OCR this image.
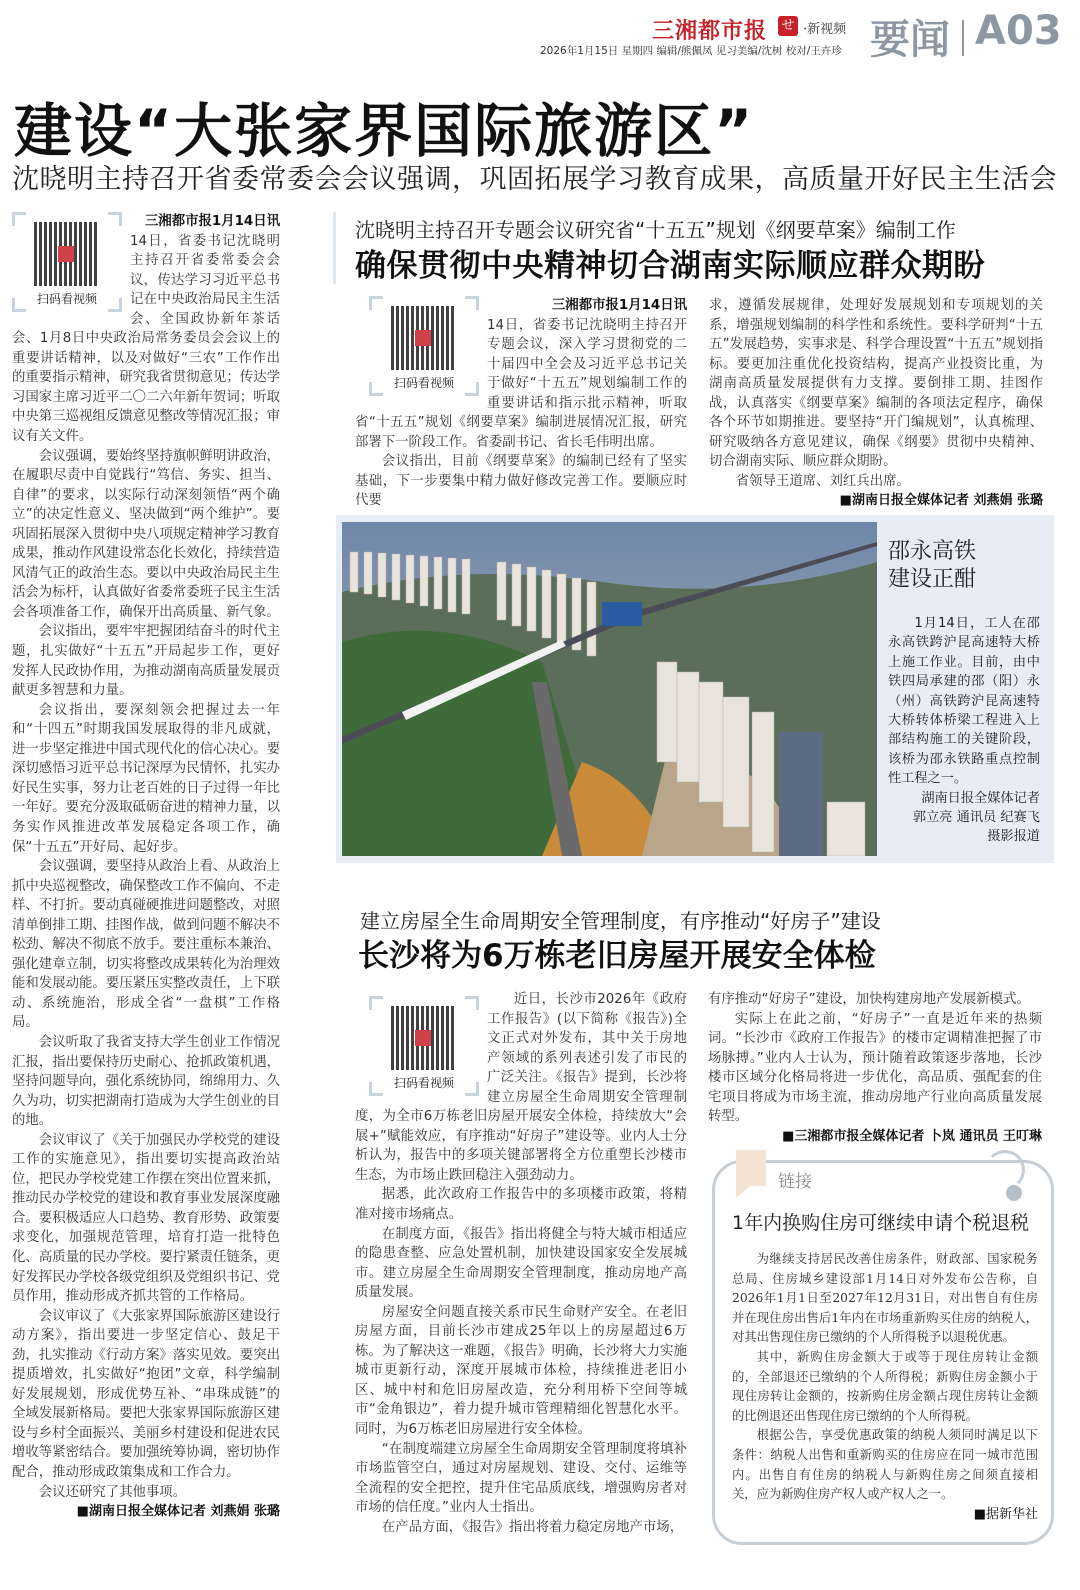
三湘都市报 せ ·新视频
2026年1月15日 星期四 编辑/熊佩凤 见习美编/沈树 校对/王卉珍 要闻 A03
建设“大张家界国际旅游区”
沈晓明主持召开省委常委会会议强调，巩固拓展学习教育成果，高质量开好民主生活会
扫码看视频

三湘都市报1月14日讯

14日，省委书记沈晓明主持召开省委常委会会议，传达学习习近平总书记在中央政治局民主生活会、全国政协新年茶话会、1月8日中央政治局常务委员会会议上的重要讲话精神，以及对做好“三农”工作作出的重要指示精神，研究我省贯彻意见；传达学习国家主席习近平二〇二六年新年贺词；听取中央第三巡视组反馈意见整改等情况汇报；审议有关文件。

会议强调，要始终坚持旗帜鲜明讲政治，在履职尽责中自觉践行“笃信、务实、担当、自律”的要求，以实际行动深刻领悟“两个确立”的决定性意义、坚决做到“两个维护”。要巩固拓展深入贯彻中央八项规定精神学习教育成果，推动作风建设常态化长效化，持续营造风清气正的政治生态。要以中央政治局民主生活会为标杆，认真做好省委常委班子民主生活会各项准备工作，确保开出高质量、新气象。

会议指出，要牢牢把握团结奋斗的时代主题，扎实做好“十五五”开局起步工作，更好发挥人民政协作用，为推动湖南高质量发展贡献更多智慧和力量。

会议指出，要深刻领会把握过去一年和“十四五”时期我国发展取得的非凡成就，进一步坚定推进中国式现代化的信心决心。要深切感悟习近平总书记深厚为民情怀，扎实办好民生实事，努力让老百姓的日子过得一年比一年好。要充分汲取砥砺奋进的精神力量，以务实作风推进改革发展稳定各项工作，确保“十五五”开好局、起好步。

会议强调，要坚持从政治上看、从政治上抓中央巡视整改，确保整改工作不偏向、不走样、不打折。要动真碰硬推进问题整改，对照清单倒排工期、挂图作战，做到问题不解决不松劲、解决不彻底不放手。要注重标本兼治、强化建章立制，切实将整改成果转化为治理效能和发展动能。要压紧压实整改责任，上下联动、系统施治，形成全省“一盘棋”工作格局。

会议听取了我省支持大学生创业工作情况汇报，指出要保持历史耐心、抢抓政策机遇，坚持问题导向，强化系统协同，绵绵用力、久久为功，切实把湖南打造成为大学生创业的目的地。

会议审议了《关于加强民办学校党的建设工作的实施意见》，指出要切实提高政治站位，把民办学校党建工作摆在突出位置来抓，推动民办学校党的建设和教育事业发展深度融合。要积极适应人口趋势、教育形势、政策要求变化，加强规范管理，培育打造一批特色化、高质量的民办学校。要拧紧责任链条，更好发挥民办学校各级党组织及党组织书记、党员作用，推动形成齐抓共管的工作格局。

会议审议了《大张家界国际旅游区建设行动方案》，指出要进一步坚定信心、鼓足干劲，扎实推动《行动方案》落实见效。要突出提质增效，扎实做好“抱团”文章，科学编制好发展规划，形成优势互补、“串珠成链”的全域发展新格局。要把大张家界国际旅游区建设与乡村全面振兴、美丽乡村建设和促进农民增收等紧密结合。要加强统筹协调，密切协作配合，推动形成政策集成和工作合力。

会议还研究了其他事项。

■湖南日报全媒体记者 刘燕娟 张璐
沈晓明主持召开专题会议研究省“十五五”规划《纲要草案》编制工作
确保贯彻中央精神切合湖南实际顺应群众期盼
扫码看视频

三湘都市报1月14日讯

14日，省委书记沈晓明主持召开专题会议，深入学习贯彻党的二十届四中全会及习近平总书记关于做好“十五五”规划编制工作的重要讲话和指示批示精神，听取省“十五五”规划《纲要草案》编制进展情况汇报，研究部署下一阶段工作。省委副书记、省长毛伟明出席。

会议指出，目前《纲要草案》的编制已经有了坚实基础，下一步要集中精力做好修改完善工作。要顺应时代要

求，遵循发展规律，处理好发展规划和专项规划的关系，增强规划编制的科学性和系统性。要科学研判“十五五”发展趋势，实事求是、科学合理设置“十五五”规划指标。要更加注重优化投资结构，提高产业投资比重，为湖南高质量发展提供有力支撑。要倒排工期、挂图作战，认真落实《纲要草案》编制的各项法定程序，确保各个环节如期推进。要坚持“开门编规划”，认真梳理、研究吸纳各方意见建议，确保《纲要》贯彻中央精神、切合湖南实际、顺应群众期盼。

省领导王道席、刘红兵出席。

■湖南日报全媒体记者 刘燕娟 张璐
邵永高铁
建设正酣

1月14日，工人在邵永高铁跨沪昆高速特大桥上施工作业。目前，由中铁四局承建的邵（阳）永（州）高铁跨沪昆高速特大桥转体桥梁工程进入上部结构施工的关键阶段，该桥为邵永铁路重点控制性工程之一。

湖南日报全媒体记者
郭立亮 通讯员 纪赛飞
摄影报道
建立房屋全生命周期安全管理制度，有序推动“好房子”建设
长沙将为6万栋老旧房屋开展安全体检
扫码看视频

近日，长沙市2026年《政府工作报告》(以下简称《报告》)全文正式对外发布，其中关于房地产领域的系列表述引发了市民的广泛关注。《报告》提到，长沙将建立房屋全生命周期安全管理制度，为全市6万栋老旧房屋开展安全体检，持续放大“会展+”赋能效应，有序推动“好房子”建设等。业内人士分析认为，报告中的多项关键部署将全方位重塑长沙楼市生态，为市场止跌回稳注入强劲动力。

据悉，此次政府工作报告中的多项楼市政策，将精准对接市场痛点。

在制度方面，《报告》指出将健全与特大城市相适应的隐患查整、应急处置机制，加快建设国家安全发展城市。建立房屋全生命周期安全管理制度，推动房地产高质量发展。

房屋安全问题直接关系市民生命财产安全。在老旧房屋方面，目前长沙市建成25年以上的房屋超过6万栋。为了解决这一难题，《报告》明确，长沙将大力实施城市更新行动，深度开展城市体检，持续推进老旧小区、城中村和危旧房屋改造，充分利用桥下空间等城市“金角银边”，着力提升城市管理精细化智慧化水平。同时，为6万栋老旧房屋进行安全体检。

“在制度端建立房屋全生命周期安全管理制度将填补市场监管空白，通过对房屋规划、建设、交付、运维等全流程的安全把控，提升住宅品质底线，增强购房者对市场的信任度。”业内人士指出。

在产品方面，《报告》指出将着力稳定房地产市场，

有序推动“好房子”建设，加快构建房地产发展新模式。

实际上在此之前，“好房子”一直是近年来的热频词。“长沙市《政府工作报告》的楼市定调精准把握了市场脉搏。”业内人士认为，预计随着政策逐步落地，长沙楼市区域分化格局将进一步优化，高品质、强配套的住宅项目将成为市场主流，推动房地产行业向高质量发展转型。

■三湘都市报全媒体记者 卜岚 通讯员 王叮琳
链接
1年内换购住房可继续申请个税退税

为继续支持居民改善住房条件，财政部、国家税务总局、住房城乡建设部1月14日对外发布公告称，自2026年1月1日至2027年12月31日，对出售自有住房并在现住房出售后1年内在市场重新购买住房的纳税人，对其出售现住房已缴纳的个人所得税予以退税优惠。

其中，新购住房金额大于或等于现住房转让金额的，全部退还已缴纳的个人所得税；新购住房金额小于现住房转让金额的，按新购住房金额占现住房转让金额的比例退还出售现住房已缴纳的个人所得税。

根据公告，享受优惠政策的纳税人须同时满足以下条件：纳税人出售和重新购买的住房应在同一城市范围内。出售自有住房的纳税人与新购住房之间须直接相关，应为新购住房产权人或产权人之一。

■据新华社
